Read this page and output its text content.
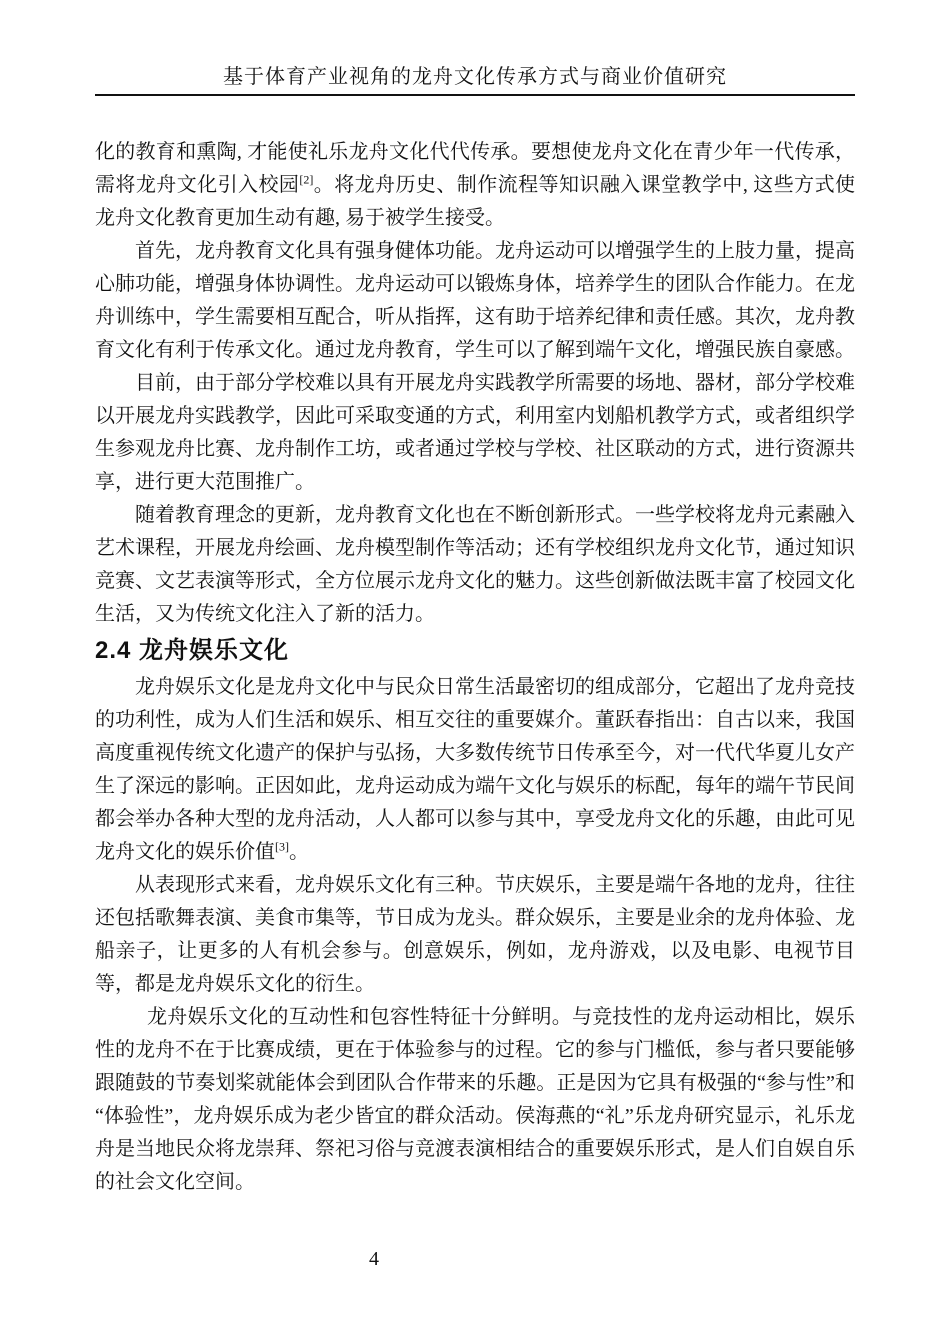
基于体育产业视角的龙舟文化传承方式与商业价值研究

化的教育和熏陶, 才能使礼乐龙舟文化代代传承。要想使龙舟文化在青少年一代传承，需将龙舟文化引入校园[2]。将龙舟历史、制作流程等知识融入课堂教学中, 这些方式使龙舟文化教育更加生动有趣, 易于被学生接受。

首先，龙舟教育文化具有强身健体功能。龙舟运动可以增强学生的上肢力量，提高心肺功能，增强身体协调性。龙舟运动可以锻炼身体，培养学生的团队合作能力。在龙舟训练中，学生需要相互配合，听从指挥，这有助于培养纪律和责任感。其次，龙舟教育文化有利于传承文化。通过龙舟教育，学生可以了解到端午文化，增强民族自豪感。

目前，由于部分学校难以具有开展龙舟实践教学所需要的场地、器材，部分学校难以开展龙舟实践教学，因此可采取变通的方式，利用室内划船机教学方式，或者组织学生参观龙舟比赛、龙舟制作工坊，或者通过学校与学校、社区联动的方式，进行资源共享，进行更大范围推广。

随着教育理念的更新，龙舟教育文化也在不断创新形式。一些学校将龙舟元素融入艺术课程，开展龙舟绘画、龙舟模型制作等活动；还有学校组织龙舟文化节，通过知识竞赛、文艺表演等形式，全方位展示龙舟文化的魅力。这些创新做法既丰富了校园文化生活，又为传统文化注入了新的活力。

2.4 龙舟娱乐文化

龙舟娱乐文化是龙舟文化中与民众日常生活最密切的组成部分，它超出了龙舟竞技的功利性，成为人们生活和娱乐、相互交往的重要媒介。董跃春指出：自古以来，我国高度重视传统文化遗产的保护与弘扬，大多数传统节日传承至今，对一代代华夏儿女产生了深远的影响。正因如此，龙舟运动成为端午文化与娱乐的标配，每年的端午节民间都会举办各种大型的龙舟活动，人人都可以参与其中，享受龙舟文化的乐趣，由此可见龙舟文化的娱乐价值[3]。

从表现形式来看，龙舟娱乐文化有三种。节庆娱乐，主要是端午各地的龙舟，往往还包括歌舞表演、美食市集等，节日成为龙头。群众娱乐，主要是业余的龙舟体验、龙船亲子，让更多的人有机会参与。创意娱乐，例如，龙舟游戏，以及电影、电视节目等，都是龙舟娱乐文化的衍生。

龙舟娱乐文化的互动性和包容性特征十分鲜明。与竞技性的龙舟运动相比，娱乐性的龙舟不在于比赛成绩，更在于体验参与的过程。它的参与门槛低，参与者只要能够跟随鼓的节奏划桨就能体会到团队合作带来的乐趣。正是因为它具有极强的“参与性”和“体验性”，龙舟娱乐成为老少皆宜的群众活动。侯海燕的“礼”乐龙舟研究显示，礼乐龙舟是当地民众将龙崇拜、祭祀习俗与竞渡表演相结合的重要娱乐形式，是人们自娱自乐的社会文化空间。

4
